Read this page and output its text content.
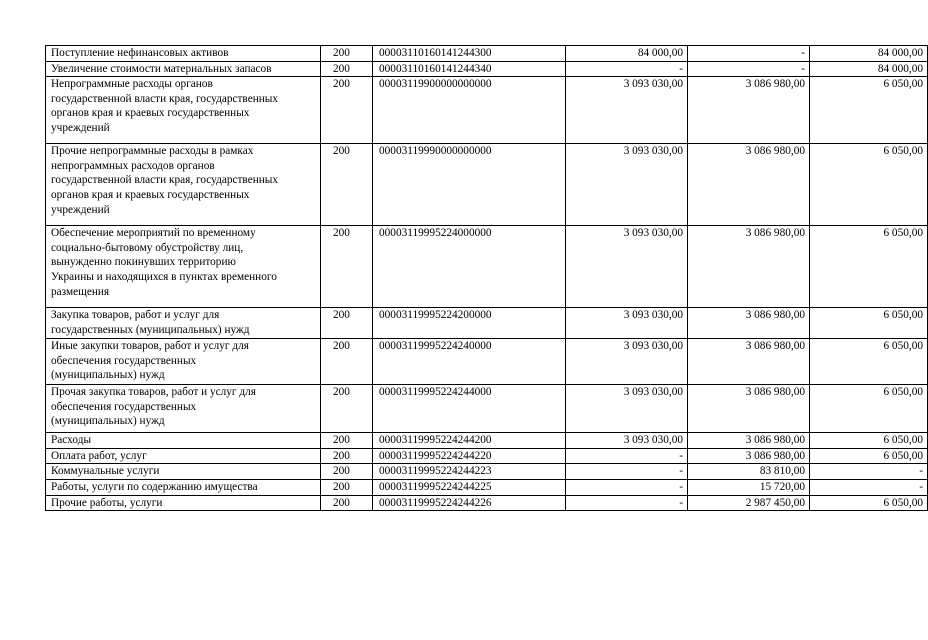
Поступление нефинансовых активов	200	00003110160141244300	84 000,00	-	84 000,00
Увеличение стоимости материальных запасов	200	00003110160141244340	-	-	84 000,00
Непрограммные расходы органов
государственной власти края, государственных
органов края и краевых государственных
учреждений	200	00003119900000000000	3 093 030,00	3 086 980,00	6 050,00
Прочие непрограммные расходы в рамках
непрограммных расходов органов
государственной власти края, государственных
органов края и краевых государственных
учреждений	200	00003119990000000000	3 093 030,00	3 086 980,00	6 050,00
Обеспечение мероприятий по временному
социально-бытовому обустройству лиц,
вынужденно покинувших территорию
Украины и находящихся в пунктах временного
размещения	200	00003119995224000000	3 093 030,00	3 086 980,00	6 050,00
Закупка товаров, работ и услуг для
государственных (муниципальных) нужд	200	00003119995224200000	3 093 030,00	3 086 980,00	6 050,00
Иные закупки товаров, работ и услуг для
обеспечения государственных
(муниципальных) нужд	200	00003119995224240000	3 093 030,00	3 086 980,00	6 050,00
Прочая закупка товаров, работ и услуг для
обеспечения государственных
(муниципальных) нужд	200	00003119995224244000	3 093 030,00	3 086 980,00	6 050,00
Расходы	200	00003119995224244200	3 093 030,00	3 086 980,00	6 050,00
Оплата работ, услуг	200	00003119995224244220	-	3 086 980,00	6 050,00
Коммунальные услуги	200	00003119995224244223	-	83 810,00	-
Работы, услуги по содержанию имущества	200	00003119995224244225	-	15 720,00	-
Прочие работы, услуги	200	00003119995224244226	-	2 987 450,00	6 050,00
